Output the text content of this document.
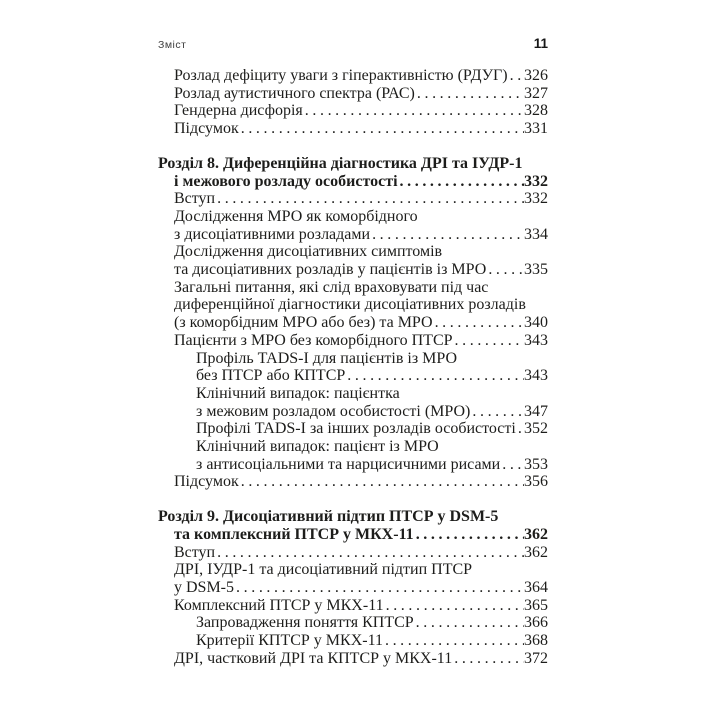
Зміст	11
Розлад дефіциту уваги з гіперактивністю (РДУГ) ..... 326
Розлад аутистичного спектра (РАС) .....	327
Гендерна дисфорія .....	328
Підсумок .....	331
Розділ 8. Диференційна діагностика ДРІ та ІУДР-1
і межового розладу особистості .....	332
Вступ .....	332
Дослідження МРО як коморбідного
з дисоціативними розладами .....	334
Дослідження дисоціативних симптомів
та дисоціативних розладів у пацієнтів із МРО ..... 335
Загальні питання, які слід враховувати під час
диференційної діагностики дисоціативних розладів
(з коморбідним МРО або без) та МРО .....	340
Пацієнти з МРО без коморбідного ПТСР .....	343
Профіль TADS-I для пацієнтів із МРО
без ПТСР або КПТСР .....	343
Клінічний випадок: пацієнтка
з межовим розладом особистості (МРО) .....	347
Профілі TADS-I за інших розладів особистості ..... 352
Клінічний випадок: пацієнт із МРО
з антисоціальними та нарцисичними рисами ..... 353
Підсумок .....	356
Розділ 9. Дисоціативний підтип ПТСР у DSM-5
та комплексний ПТСР у МКХ-11 .....	362
Вступ .....	362
ДРІ, ІУДР-1 та дисоціативний підтип ПТСР
у DSM-5 .....	364
Комплексний ПТСР у МКХ-11 .....	365
Запровадження поняття КПТСР .....	366
Критерії КПТСР у МКХ-11 .....	368
ДРІ, частковий ДРІ та КПТСР у МКХ-11 .....	372
